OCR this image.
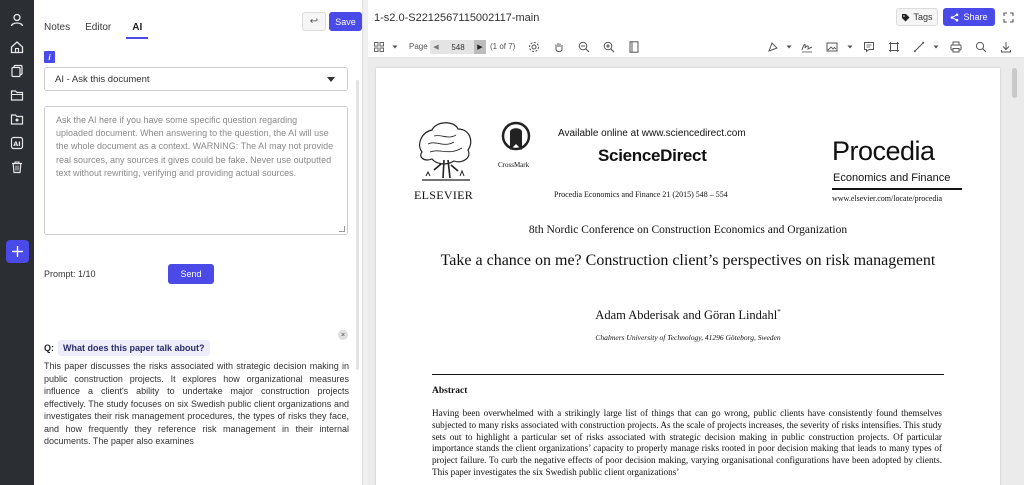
AI
Notes	Editor	AI
↩	Save
i
AI - Ask this document
Ask the AI here if you have some specific question regarding uploaded document. When answering to the question, the AI will use the whole document as a context. WARNING: The AI may not provide real sources, any sources it gives could be fake. Never use outputted text without rewriting, verifying and providing actual sources.
Prompt: 1/10	Send
×
Q:	What does this paper talk about?
This paper discusses the risks associated with strategic decision making in public construction projects. It explores how organizational measures influence a client's ability to undertake major construction projects effectively. The study focuses on six Swedish public client organizations and investigates their risk management procedures, the types of risks they face, and how frequently they reference risk management in their internal documents. The paper also examines
1-s2.0-S2212567115002117-main	Tags	Share
Page ◀	548	▶ (1 of 7)
ELSEVIER
CrossMark
Available online at www.sciencedirect.com
ScienceDirect
Procedia Economics and Finance 21 (2015) 548 – 554
Procedia
Economics and Finance
www.elsevier.com/locate/procedia
8th Nordic Conference on Construction Economics and Organization
Take a chance on me? Construction client’s perspectives on risk management
Adam Abderisak and Göran Lindahl*
Chalmers University of Technology, 41296 Göteborg, Sweden
Abstract
Having been overwhelmed with a strikingly large list of things that can go wrong, public clients have consistently found themselves subjected to many risks associated with construction projects. As the scale of projects increases, the severity of risks intensifies. This study sets out to highlight a particular set of risks associated with strategic decision making in public construction projects. Of particular importance stands the client organizations’ capacity to properly manage risks rooted in poor decision making that leads to many types of project failure. To curb the negative effects of poor decision making, varying organisational configurations have been adopted by clients. This paper investigates the six Swedish public client organizations’
